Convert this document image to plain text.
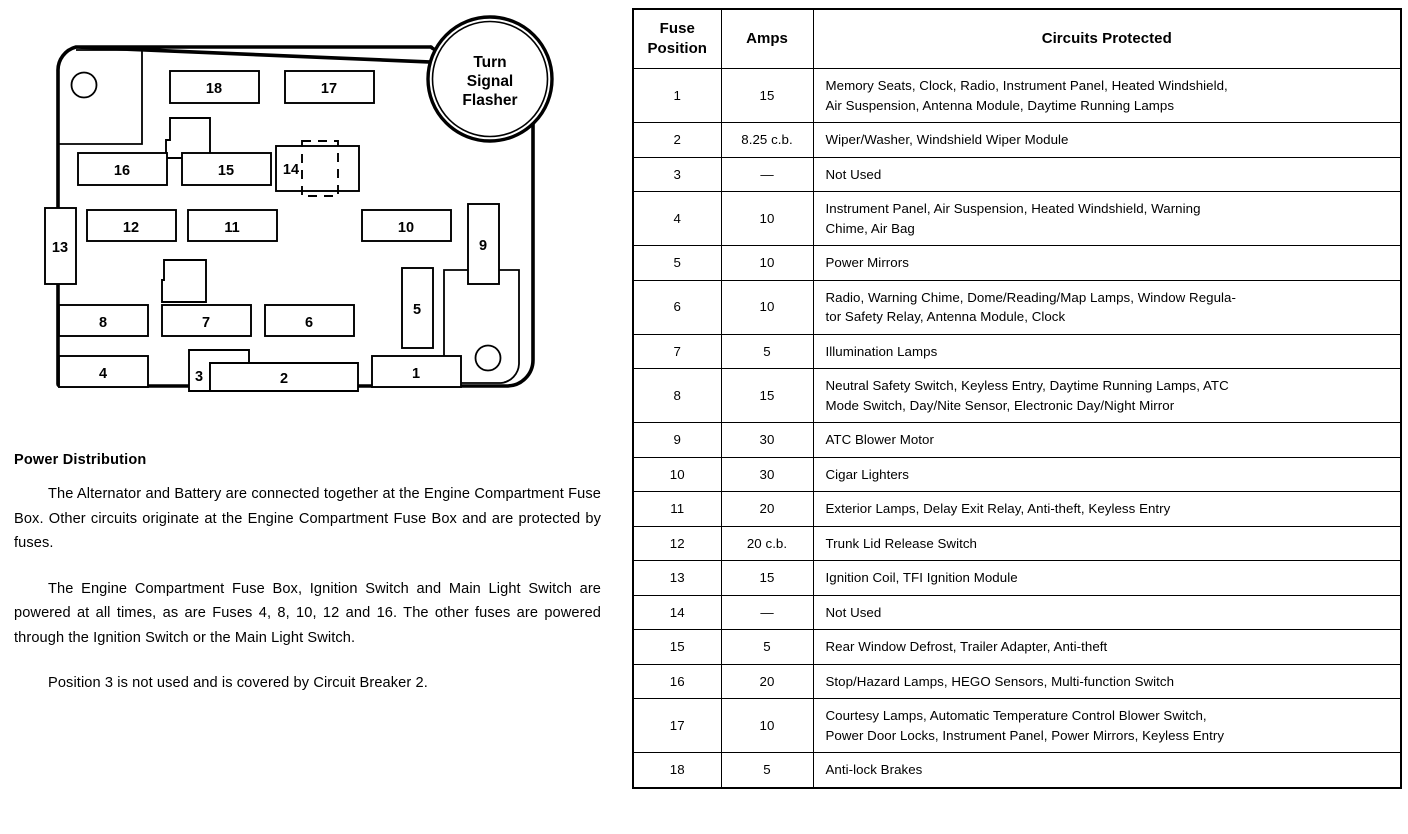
Turn
Signal
Flasher
18	17
16	15	14
13
12	11	10
9
8	7	6
5
4	3	2	1
Power Distribution

The Alternator and Battery are connected together at the Engine Compartment Fuse Box. Other circuits originate at the Engine Compartment Fuse Box and are protected by fuses.

The Engine Compartment Fuse Box, Ignition Switch and Main Light Switch are powered at all times, as are Fuses 4, 8, 10, 12 and 16. The other fuses are powered through the Ignition Switch or the Main Light Switch.

Position 3 is not used and is covered by Circuit Breaker 2.

Fuse
Position	Amps	Circuits Protected
1	15	Memory Seats, Clock, Radio, Instrument Panel, Heated Windshield,
Air Suspension, Antenna Module, Daytime Running Lamps

2	8.25 c.b.	Wiper/Washer, Windshield Wiper Module

3	—	Not Used

4	10	Instrument Panel, Air Suspension, Heated Windshield, Warning
Chime, Air Bag

5	10	Power Mirrors

6	10	Radio, Warning Chime, Dome/Reading/Map Lamps, Window Regula-
tor Safety Relay, Antenna Module, Clock

7	5	Illumination Lamps

8	15	Neutral Safety Switch, Keyless Entry, Daytime Running Lamps, ATC
Mode Switch, Day/Nite Sensor, Electronic Day/Night Mirror

9	30	ATC Blower Motor

10	30	Cigar Lighters

11	20	Exterior Lamps, Delay Exit Relay, Anti-theft, Keyless Entry

12	20 c.b.	Trunk Lid Release Switch

13	15	Ignition Coil, TFI Ignition Module

14	—	Not Used

15	5	Rear Window Defrost, Trailer Adapter, Anti-theft

16	20	Stop/Hazard Lamps, HEGO Sensors, Multi-function Switch

17	10	Courtesy Lamps, Automatic Temperature Control Blower Switch,
Power Door Locks, Instrument Panel, Power Mirrors, Keyless Entry

18	5	Anti-lock Brakes
